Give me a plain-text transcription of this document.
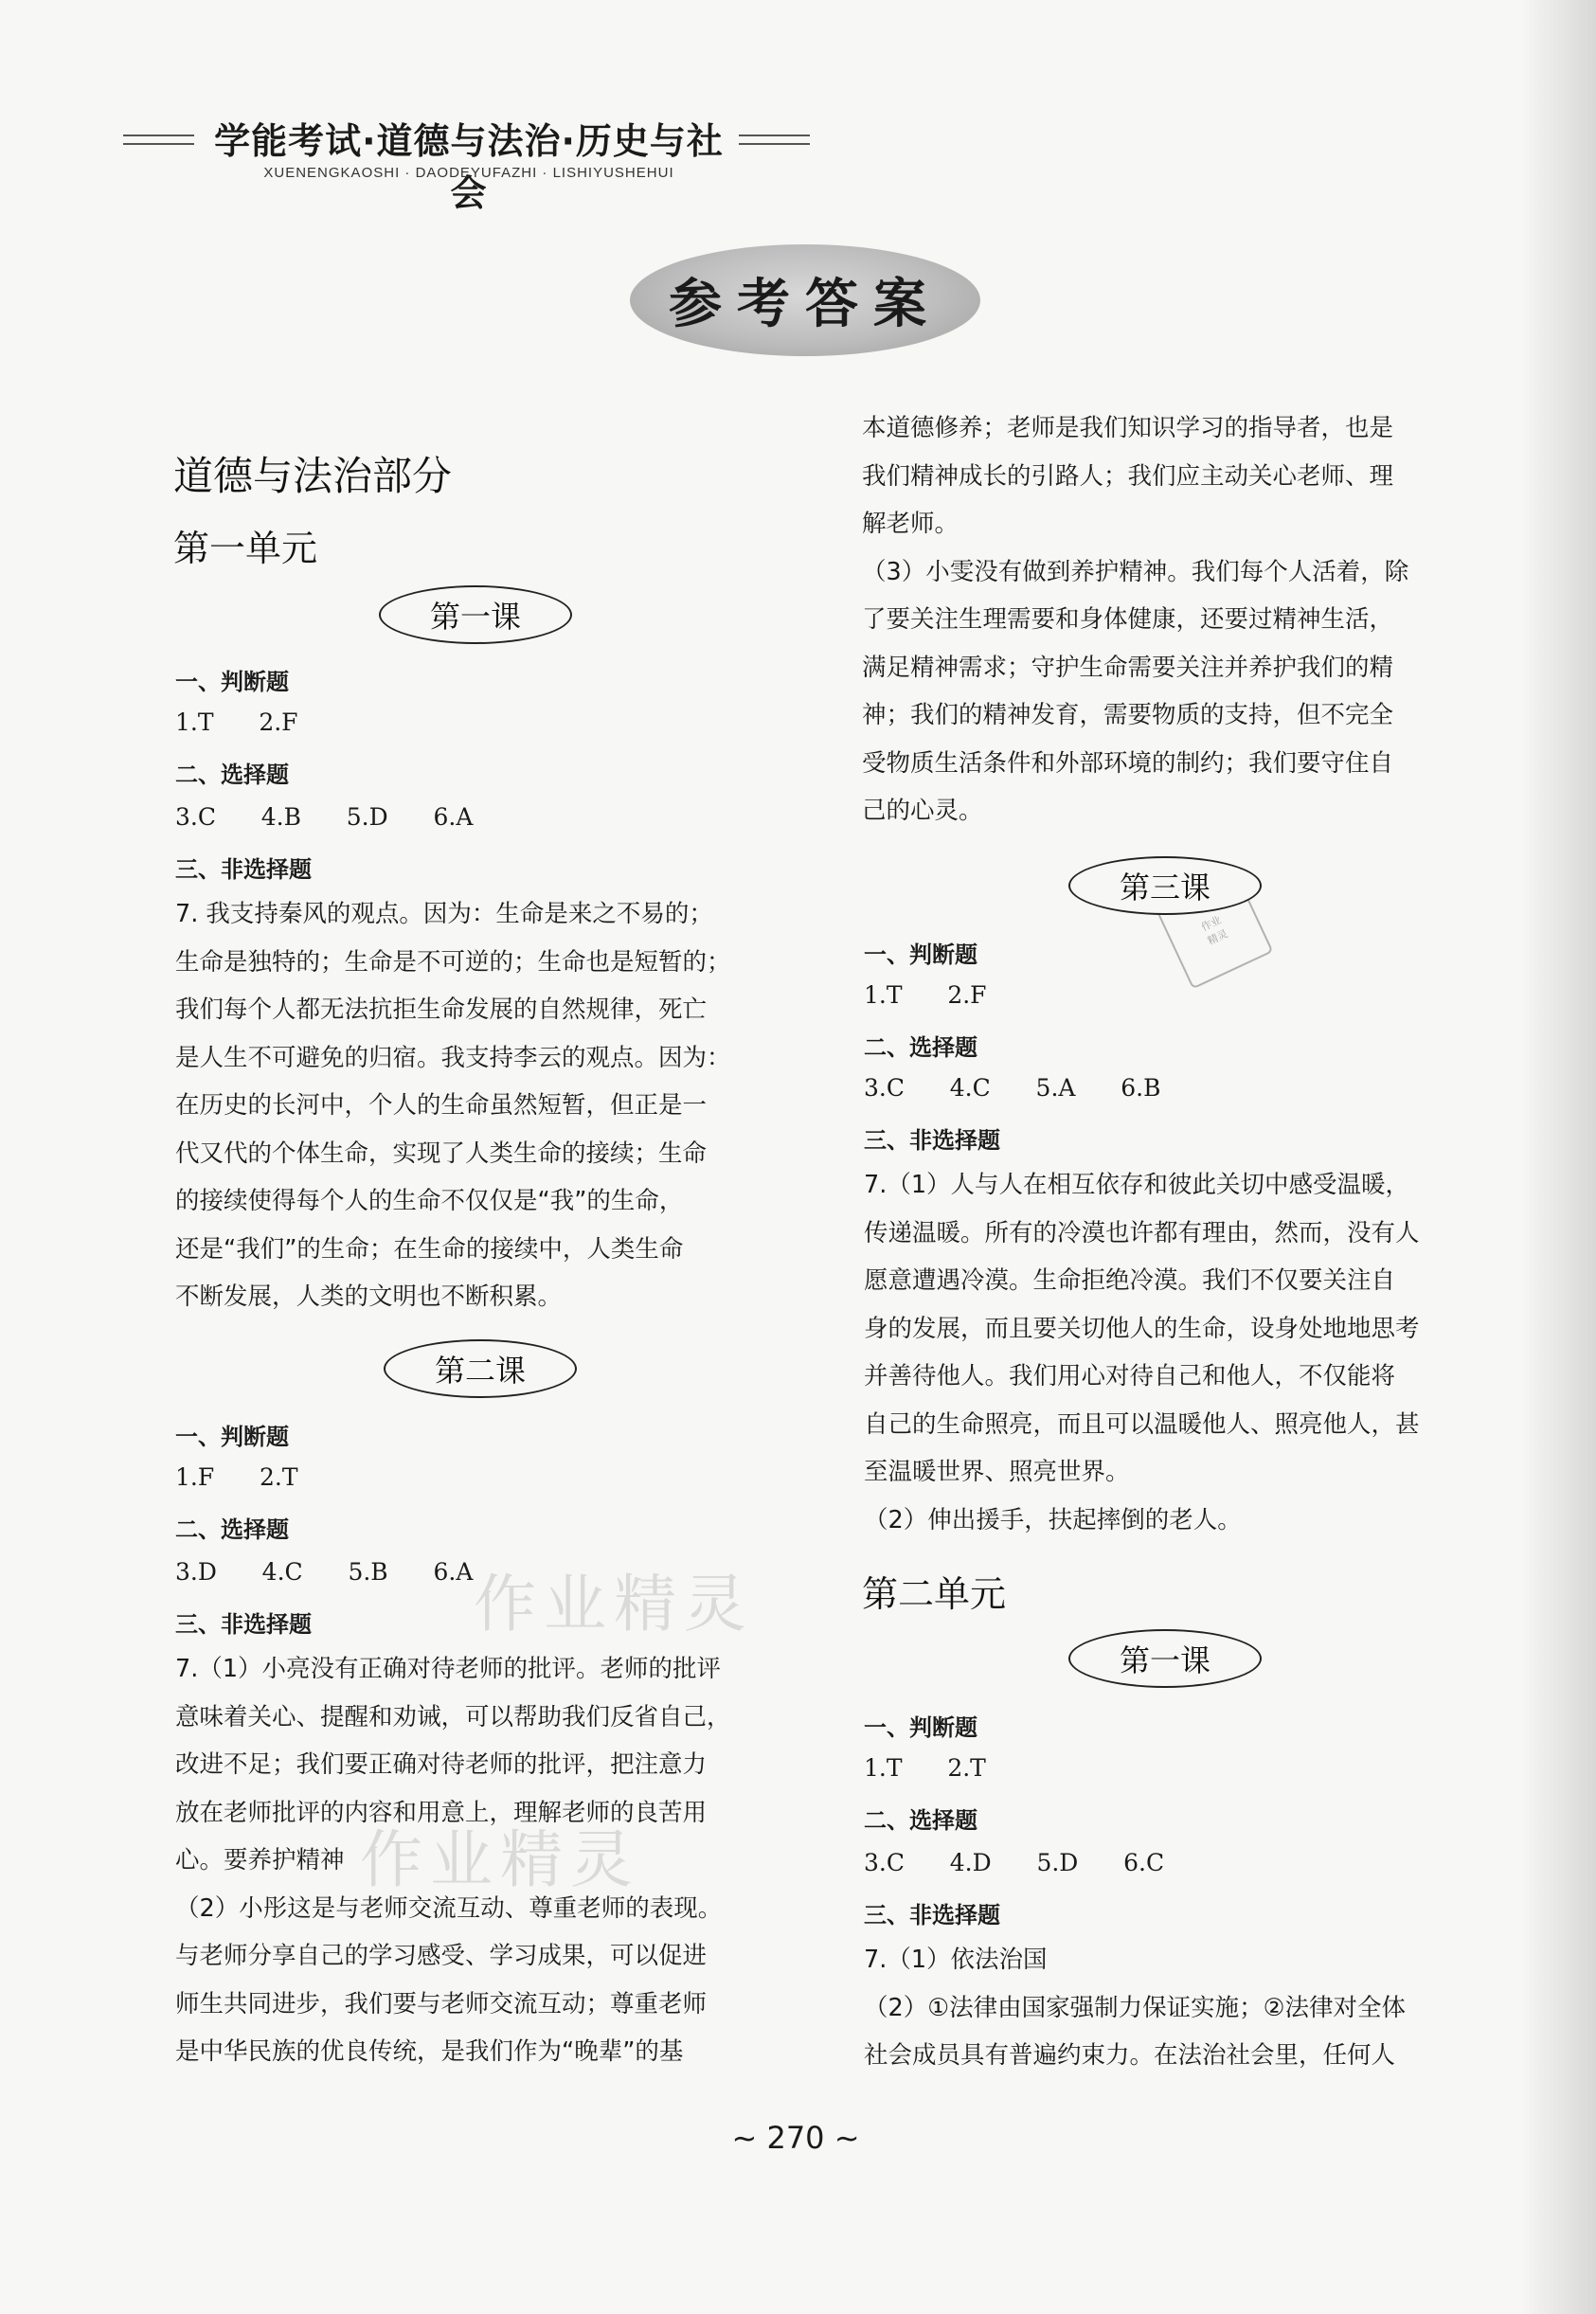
学能考试·道德与法治·历史与社会
XUENENGKAOSHI · DAODEYUFAZHI · LISHIYUSHEHUI
参考答案
作业精灵
作业精灵
作业
精灵
道德与法治部分
第一单元
第一课
一、判断题
1.T    2.F
二、选择题
3.C    4.B    5.D    6.A
三、非选择题
7. 我支持秦风的观点。因为：生命是来之不易的；
生命是独特的；生命是不可逆的；生命也是短暂的；
我们每个人都无法抗拒生命发展的自然规律，死亡
是人生不可避免的归宿。我支持李云的观点。因为：
在历史的长河中，个人的生命虽然短暂，但正是一
代又代的个体生命，实现了人类生命的接续；生命
的接续使得每个人的生命不仅仅是“我”的生命，
还是“我们”的生命；在生命的接续中，人类生命
不断发展，人类的文明也不断积累。
第二课
一、判断题
1.F    2.T
二、选择题
3.D    4.C    5.B    6.A
三、非选择题
7.（1）小亮没有正确对待老师的批评。老师的批评
意味着关心、提醒和劝诫，可以帮助我们反省自己，
改进不足；我们要正确对待老师的批评，把注意力
放在老师批评的内容和用意上，理解老师的良苦用
心。要养护精神
（2）小彤这是与老师交流互动、尊重老师的表现。
与老师分享自己的学习感受、学习成果，可以促进
师生共同进步，我们要与老师交流互动；尊重老师
是中华民族的优良传统，是我们作为“晚辈”的基
本道德修养；老师是我们知识学习的指导者，也是
我们精神成长的引路人；我们应主动关心老师、理
解老师。
（3）小雯没有做到养护精神。我们每个人活着，除
了要关注生理需要和身体健康，还要过精神生活，
满足精神需求；守护生命需要关注并养护我们的精
神；我们的精神发育，需要物质的支持，但不完全
受物质生活条件和外部环境的制约；我们要守住自
己的心灵。
第三课
一、判断题
1.T    2.F
二、选择题
3.C    4.C    5.A    6.B
三、非选择题
7.（1）人与人在相互依存和彼此关切中感受温暖，
传递温暖。所有的冷漠也许都有理由，然而，没有人
愿意遭遇冷漠。生命拒绝冷漠。我们不仅要关注自
身的发展，而且要关切他人的生命，设身处地地思考
并善待他人。我们用心对待自己和他人，不仅能将
自己的生命照亮，而且可以温暖他人、照亮他人，甚
至温暖世界、照亮世界。
（2）伸出援手，扶起摔倒的老人。
第二单元
第一课
一、判断题
1.T    2.T
二、选择题
3.C    4.D    5.D    6.C
三、非选择题
7.（1）依法治国
（2）①法律由国家强制力保证实施；②法律对全体
社会成员具有普遍约束力。在法治社会里，任何人
~ 270 ~
